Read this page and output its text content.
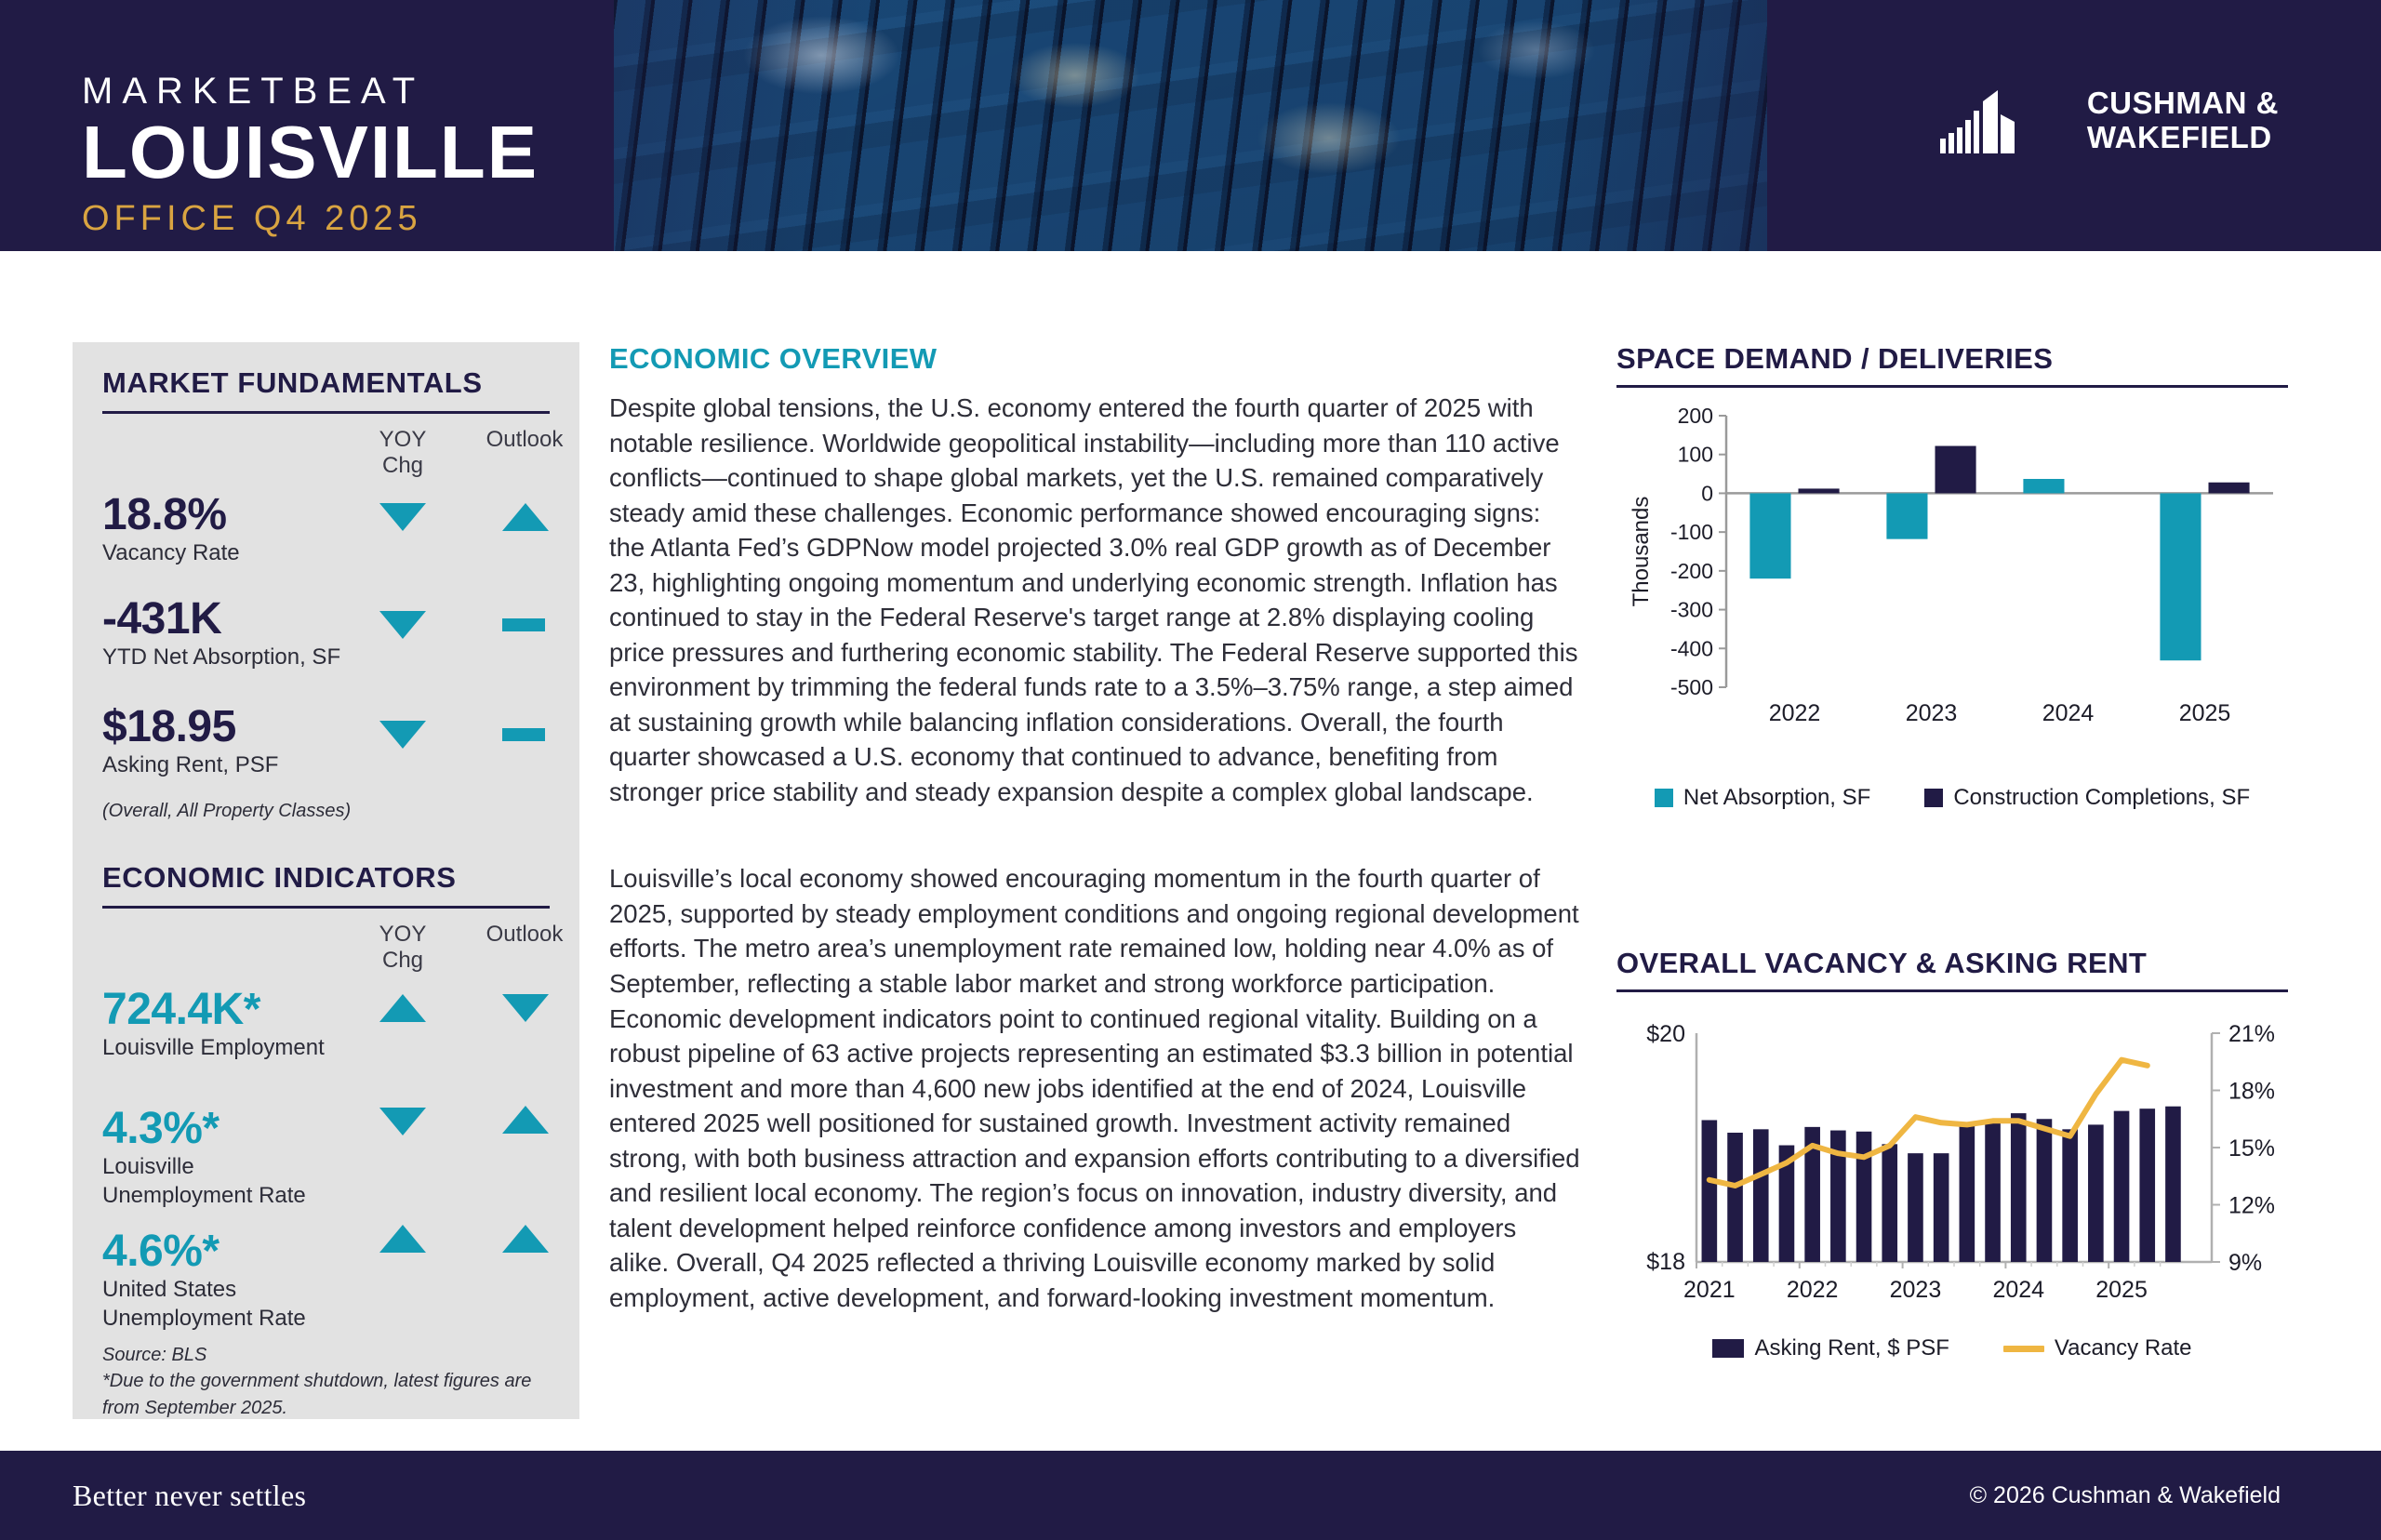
MARKETBEAT
LOUISVILLE
OFFICE Q4 2025
CUSHMAN &
WAKEFIELD
MARKET FUNDAMENTALS
YOY
Chg
Outlook
18.8%
Vacancy Rate
-431K
YTD Net Absorption, SF
$18.95
Asking Rent, PSF
(Overall, All Property Classes)
ECONOMIC INDICATORS
YOY
Chg
Outlook
724.4K*
Louisville Employment
4.3%*
Louisville
Unemployment Rate
4.6%*
United States
Unemployment Rate
Source: BLS
*Due to the government shutdown, latest figures are from September 2025.
ECONOMIC OVERVIEW

Despite global tensions, the U.S. economy entered the fourth quarter of 2025 with notable resilience. Worldwide geopolitical instability—including more than 110 active conflicts—continued to shape global markets, yet the U.S. remained comparatively steady amid these challenges. Economic performance showed encouraging signs: the Atlanta Fed’s GDPNow model projected 3.0% real GDP growth as of December 23, highlighting ongoing momentum and underlying economic strength. Inflation has continued to stay in the Federal Reserve's target range at 2.8% displaying cooling price pressures and furthering economic stability. The Federal Reserve supported this environment by trimming the federal funds rate to a 3.5%–3.75% range, a step aimed at sustaining growth while balancing inflation considerations. Overall, the fourth quarter showcased a U.S. economy that continued to advance, benefiting from stronger price stability and steady expansion despite a complex global landscape.

Louisville’s local economy showed encouraging momentum in the fourth quarter of 2025, supported by steady employment conditions and ongoing regional development efforts. The metro area’s unemployment rate remained low, holding near 4.0% as of September, reflecting a stable labor market and strong workforce participation. Economic development indicators point to continued regional vitality. Building on a robust pipeline of 63 active projects representing an estimated $3.3 billion in potential investment and more than 4,600 new jobs identified at the end of 2024, Louisville entered 2025 well positioned for sustained growth. Investment activity remained strong, with both business attraction and expansion efforts contributing to a diversified and resilient local economy. The region’s focus on innovation, industry diversity, and talent development helped reinforce confidence among investors and employers alike. Overall, Q4 2025 reflected a thriving Louisville economy marked by solid employment, active development, and forward-looking investment momentum.

SPACE DEMAND / DELIVERIES
200
100
0
-100
-200
-300
-400
-500
Thousands
2022	2023	2024	2025
Net Absorption, SF	Construction Completions, SF
OVERALL VACANCY & ASKING RENT
$20
$18
21%
18%
15%
12%
9%
2021 2022 2023 2024 2025
Asking Rent, $ PSF	Vacancy Rate
Better never settles	© 2026 Cushman & Wakefield
